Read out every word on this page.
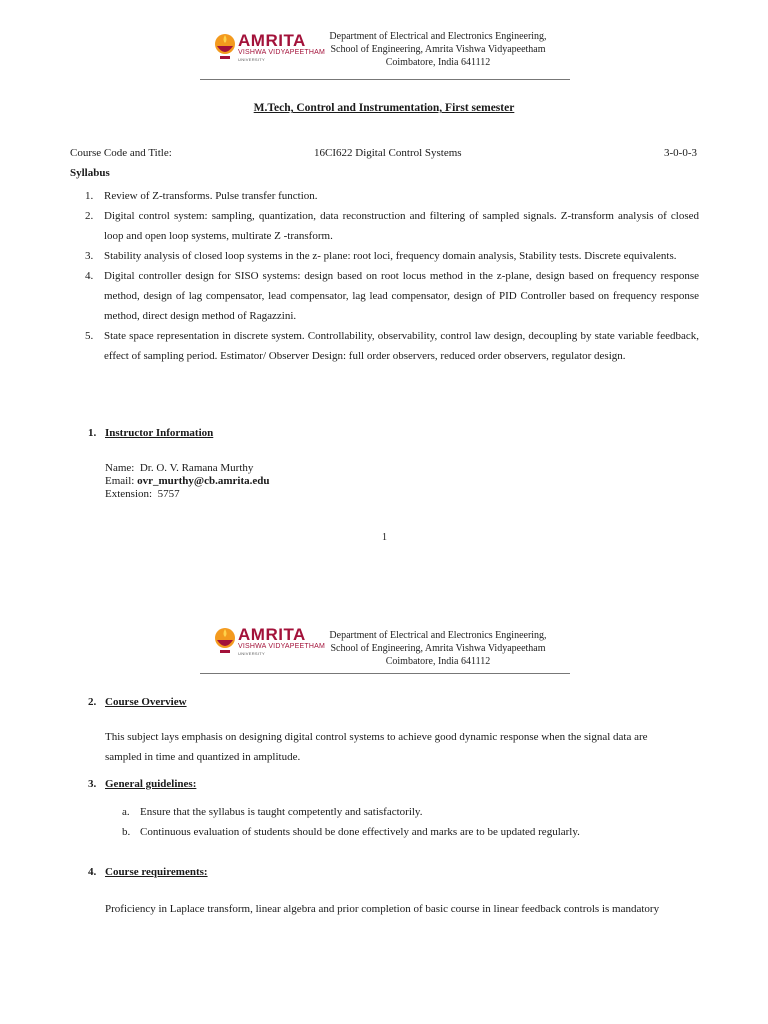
AMRITA
VISHWA VIDYAPEETHAM
UNIVERSITY
Department of Electrical and Electronics Engineering,
School of Engineering, Amrita Vishwa Vidyapeetham
Coimbatore, India 641112
M.Tech, Control and Instrumentation, First semester
Course Code and Title:	16CI622 Digital Control Systems	3-0-0-3
Syllabus
1. Review of Z-transforms. Pulse transfer function.
2. Digital control system: sampling, quantization, data reconstruction and filtering of sampled signals. Z-transform analysis of closed loop and open loop systems, multirate Z -transform.
3. Stability analysis of closed loop systems in the z- plane: root loci, frequency domain analysis, Stability tests. Discrete equivalents.
4. Digital controller design for SISO systems: design based on root locus method in the z-plane, design based on frequency response method, design of lag compensator, lead compensator, lag lead compensator, design of PID Controller based on frequency response method, direct design method of Ragazzini.
5. State space representation in discrete system. Controllability, observability, control law design, decoupling by state variable feedback, effect of sampling period. Estimator/ Observer Design: full order observers, reduced order observers, regulator design.
1. Instructor Information
Name: Dr. O. V. Ramana Murthy
Email: ovr_murthy@cb.amrita.edu
Extension: 5757
1
AMRITA
VISHWA VIDYAPEETHAM
UNIVERSITY
Department of Electrical and Electronics Engineering,
School of Engineering, Amrita Vishwa Vidyapeetham
Coimbatore, India 641112
2. Course Overview
This subject lays emphasis on designing digital control systems to achieve good dynamic response when the signal data are sampled in time and quantized in amplitude.
3. General guidelines:
a. Ensure that the syllabus is taught competently and satisfactorily.
b. Continuous evaluation of students should be done effectively and marks are to be updated regularly.
4. Course requirements:
Proficiency in Laplace transform, linear algebra and prior completion of basic course in linear feedback controls is mandatory
